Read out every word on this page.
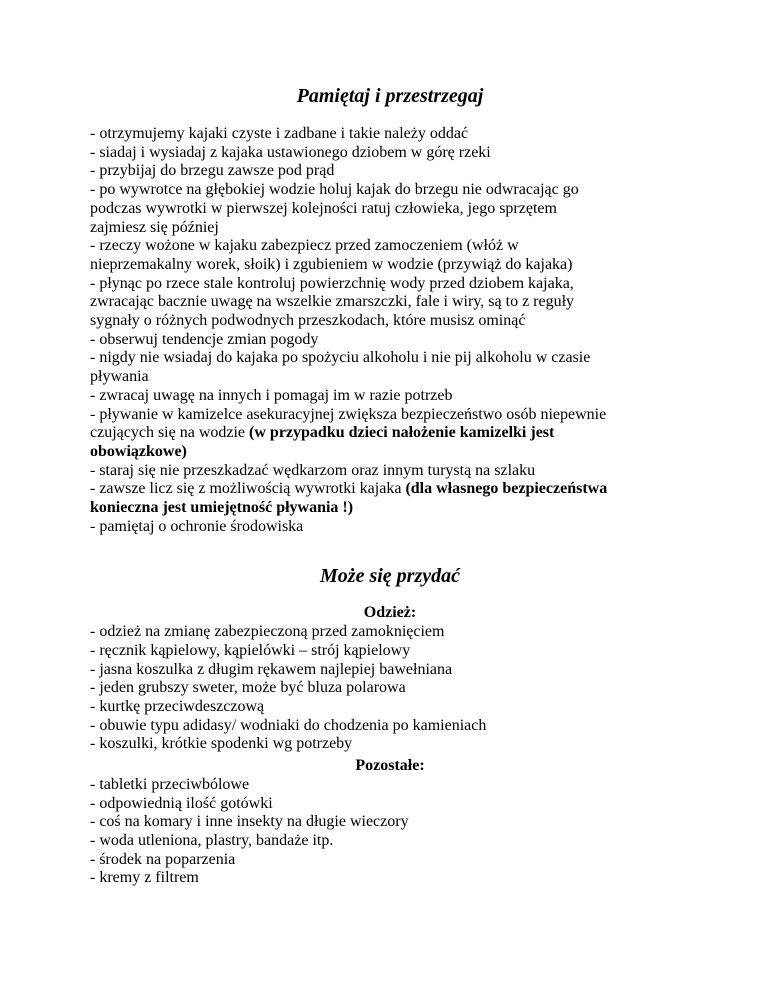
Pamiętaj i przestrzegaj

- otrzymujemy kajaki czyste i zadbane i takie należy oddać

- siadaj i wysiadaj z kajaka ustawionego dziobem w górę rzeki

- przybijaj do brzegu zawsze pod prąd

- po wywrotce na głębokiej wodzie holuj kajak do brzegu nie odwracając go

podczas wywrotki w pierwszej kolejności ratuj człowieka, jego sprzętem

zajmiesz się później

- rzeczy wożone w kajaku zabezpiecz przed zamoczeniem (włóż w

nieprzemakalny worek, słoik) i zgubieniem w wodzie (przywiąż do kajaka)

- płynąc po rzece stale kontroluj powierzchnię wody przed dziobem kajaka,

zwracając bacznie uwagę na wszelkie zmarszczki, fale i wiry, są to z reguły

sygnały o różnych podwodnych przeszkodach, które musisz ominąć

- obserwuj tendencje zmian pogody

- nigdy nie wsiadaj do kajaka po spożyciu alkoholu i nie pij alkoholu w czasie

pływania

- zwracaj uwagę na innych i pomagaj im w razie potrzeb

- pływanie w kamizelce asekuracyjnej zwiększa bezpieczeństwo osób niepewnie

czujących się na wodzie (w przypadku dzieci nałożenie kamizelki jest

obowiązkowe)

- staraj się nie przeszkadzać wędkarzom oraz innym turystą na szlaku

- zawsze licz się z możliwością wywrotki kajaka (dla własnego bezpieczeństwa

konieczna jest umiejętność pływania !)

- pamiętaj o ochronie środowiska

Może się przydać

Odzież:

- odzież na zmianę zabezpieczoną przed zamoknięciem

- ręcznik kąpielowy, kąpielówki – strój kąpielowy

- jasna koszulka z długim rękawem najlepiej bawełniana

- jeden grubszy sweter, może być bluza polarowa

- kurtkę przeciwdeszczową

- obuwie typu adidasy/ wodniaki do chodzenia po kamieniach

- koszulki, krótkie spodenki wg potrzeby

Pozostałe:

- tabletki przeciwbólowe

- odpowiednią ilość gotówki

- coś na komary i inne insekty na długie wieczory

- woda utleniona, plastry, bandaże itp.

- środek na poparzenia

- kremy z filtrem
